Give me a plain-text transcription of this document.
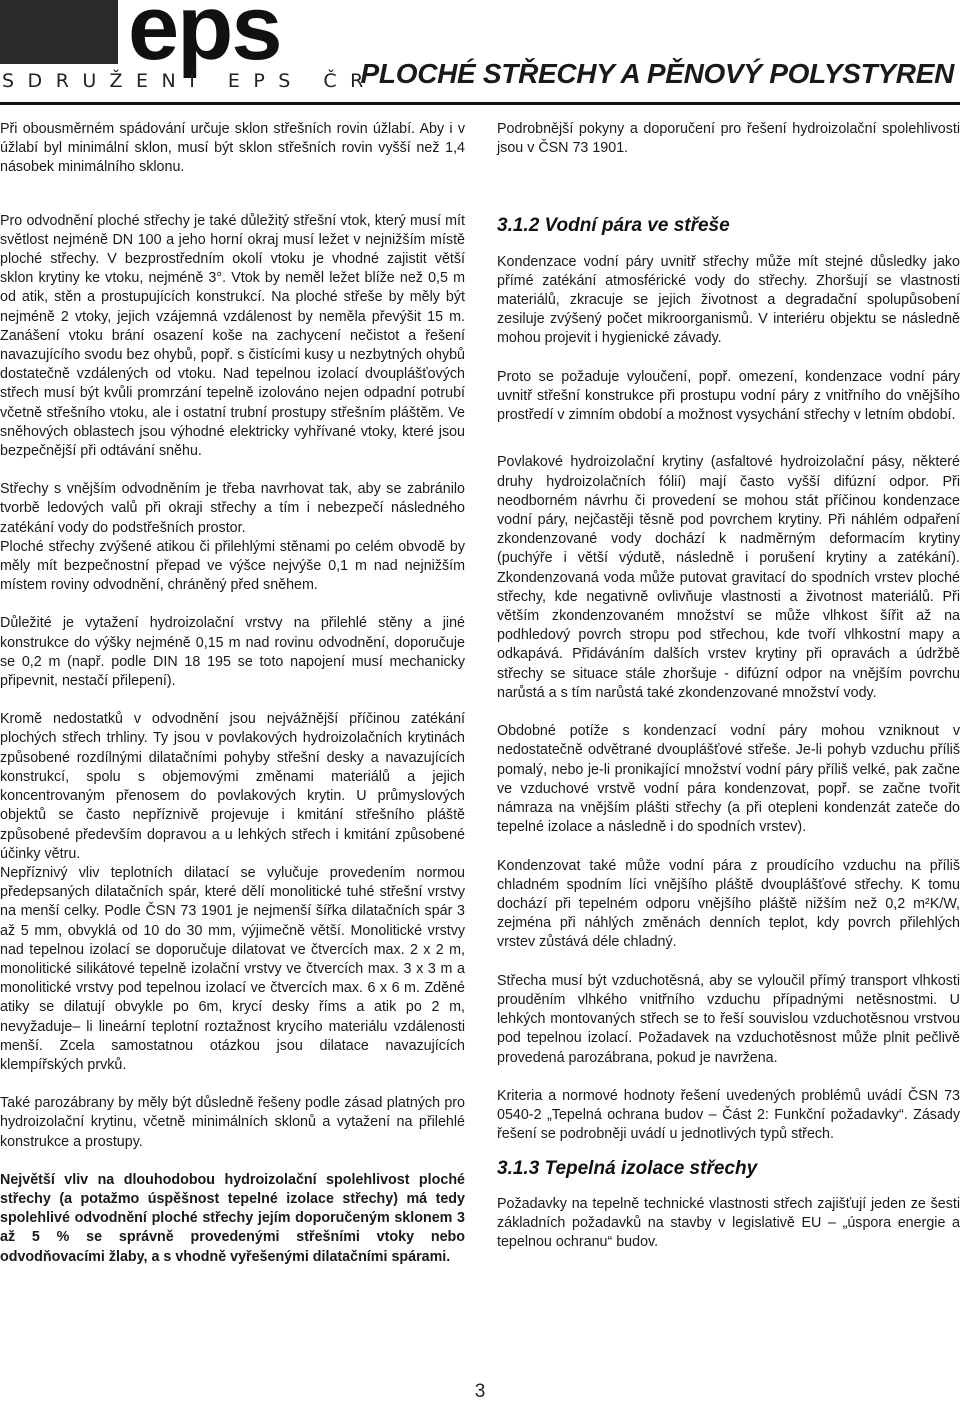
eps
SDRUŽENÍ EPS ČR
PLOCHÉ STŘECHY A PĚNOVÝ POLYSTYREN

Při obousměrném spádování určuje sklon střešních rovin úžlabí. Aby i v úžlabí byl minimální sklon, musí být sklon střešních rovin vyšší než 1,4 násobek minimálního sklonu.

Pro odvodnění ploché střechy je také důležitý střešní vtok, který musí mít světlost nejméně DN 100 a jeho horní okraj musí ležet v nejnižším místě ploché střechy. V bezprostředním okolí vtoku je vhodné zajistit větší sklon krytiny ke vtoku, nejméně 3°. Vtok by neměl ležet blíže než 0,5 m od atik, stěn a prostupujících konstrukcí. Na ploché střeše by měly být nejméně 2 vtoky, jejich vzájemná vzdálenost by neměla převýšit 15 m. Zanášení vtoku brání osazení koše na zachycení nečistot a řešení navazujícího svodu bez ohybů, popř. s čistícími kusy u nezbytných ohybů dostatečně vzdálených od vtoku. Nad tepelnou izolací dvouplášťových střech musí být kvůli promrzání tepelně izolováno nejen odpadní potrubí včetně střešního vtoku, ale i ostatní trubní prostupy střešním pláštěm. Ve sněhových oblastech jsou výhodné elektricky vyhřívané vtoky, které jsou bezpečnější při odtávání sněhu.

Střechy s vnějším odvodněním je třeba navrhovat tak, aby se zabránilo tvorbě ledových valů při okraji střechy a tím i nebezpečí následného zatékání vody do podstřešních prostor.

Ploché střechy zvýšené atikou či přilehlými stěnami po celém obvodě by měly mít bezpečnostní přepad ve výšce nejvýše 0,1 m nad nejnižším místem roviny odvodnění, chráněný před sněhem.

Důležité je vytažení hydroizolační vrstvy na přilehlé stěny a jiné konstrukce do výšky nejméně 0,15 m nad rovinu odvodnění, doporučuje se 0,2 m (např. podle DIN 18 195 se toto napojení musí mechanicky připevnit, nestačí přilepení).

Kromě nedostatků v odvodnění jsou nejvážnější příčinou zatékání plochých střech trhliny. Ty jsou v povlakových hydroizolačních krytinách způsobené rozdílnými dilatačními pohyby střešní desky a navazujících konstrukcí, spolu s objemovými změnami materiálů a jejich koncentrovaným přenosem do povlakových krytin. U průmyslových objektů se často nepříznivě projevuje i kmitání střešního pláště způsobené především dopravou a u lehkých střech i kmitání způsobené účinky větru.

Nepříznivý vliv teplotních dilatací se vylučuje provedením normou předepsaných dilatačních spár, které dělí monolitické tuhé střešní vrstvy na menší celky. Podle ČSN 73 1901 je nejmenší šířka dilatačních spár 3 až 5 mm, obvyklá od 10 do 30 mm, výjimečně větší. Monolitické vrstvy nad tepelnou izolací se doporučuje dilatovat ve čtvercích max. 2 x 2 m, monolitické silikátové tepelně izolační vrstvy ve čtvercích max. 3 x 3 m a monolitické vrstvy pod tepelnou izolací ve čtvercích max. 6 x 6 m. Zděné atiky se dilatují obvykle po 6m, krycí desky říms a atik po 2 m, nevyžaduje– li lineární teplotní roztažnost krycího materiálu vzdálenosti menší. Zcela samostatnou otázkou jsou dilatace navazujících klempířských prvků.

Také parozábrany by měly být důsledně řešeny podle zásad platných pro hydroizolační krytinu, včetně minimálních sklonů a vytažení na přilehlé konstrukce a prostupy.

Největší vliv na dlouhodobou hydroizolační spolehlivost ploché střechy (a potažmo úspěšnost tepelné izolace střechy) má tedy spolehlivé odvodnění ploché střechy jejím doporučeným sklonem 3 až 5 % se správně provedenými střešními vtoky nebo odvodňovacími žlaby, a s vhodně vyřešenými dilatačními spárami.

Podrobnější pokyny a doporučení pro řešení hydroizolační spolehlivosti jsou v ČSN 73 1901.

3.1.2 Vodní pára ve střeše

Kondenzace vodní páry uvnitř střechy může mít stejné důsledky jako přímé zatékání atmosférické vody do střechy. Zhoršují se vlastnosti materiálů, zkracuje se jejich životnost a degradační spolupůsobení zesiluje zvýšený počet mikroorganismů. V interiéru objektu se následně mohou projevit i hygienické závady.

Proto se požaduje vyloučení, popř. omezení, kondenzace vodní páry uvnitř střešní konstrukce při prostupu vodní páry z vnitřního do vnějšího prostředí v zimním období a možnost vysychání střechy v letním období.

Povlakové hydroizolační krytiny (asfaltové hydroizolační pásy, některé druhy hydroizolačních fólií) mají často vyšší difúzní odpor. Při neodborném návrhu či provedení se mohou stát příčinou kondenzace vodní páry, nejčastěji těsně pod povrchem krytiny. Při náhlém odpaření zkondenzované vody dochází k nadměrným deformacím krytiny (puchýře i větší výdutě, následně i porušení krytiny a zatékání). Zkondenzovaná voda může putovat gravitací do spodních vrstev ploché střechy, kde negativně ovlivňuje vlastnosti a životnost materiálů. Při větším zkondenzovaném množství se může vlhkost šířit až na podhledový povrch stropu pod střechou, kde tvoří vlhkostní mapy a odkapává. Přidáváním dalších vrstev krytiny při opravách a údržbě střechy se situace stále zhoršuje - difúzní odpor na vnějším povrchu narůstá a s tím narůstá také zkondenzované množství vody.

Obdobné potíže s kondenzací vodní páry mohou vzniknout v nedostatečně odvětrané dvouplášťové střeše. Je-li pohyb vzduchu příliš pomalý, nebo je-li pronikající množství vodní páry příliš velké, pak začne ve vzduchové vrstvě vodní pára kondenzovat, popř. se začne tvořit námraza na vnějším plášti střechy (a při otepleni kondenzát zateče do tepelné izolace a následně i do spodních vrstev).

Kondenzovat také může vodní pára z proudícího vzduchu na příliš chladném spodním líci vnějšího pláště dvouplášťové střechy. K tomu dochází při tepelném odporu vnějšího pláště nižším než 0,2 m²K/W, zejména při náhlých změnách denních teplot, kdy povrch přilehlých vrstev zůstává déle chladný.

Střecha musí být vzduchotěsná, aby se vyloučil přímý transport vlhkosti prouděním vlhkého vnitřního vzduchu případnými netěsnostmi. U lehkých montovaných střech se to řeší souvislou vzduchotěsnou vrstvou pod tepelnou izolací. Požadavek na vzduchotěsnost může plnit pečlivě provedená parozábrana, pokud je navržena.

Kriteria a normové hodnoty řešení uvedených problémů uvádí ČSN 73 0540-2 „Tepelná ochrana budov – Část 2: Funkční požadavky“. Zásady řešení se podrobněji uvádí u jednotlivých typů střech.

3.1.3 Tepelná izolace střechy

Požadavky na tepelně technické vlastnosti střech zajišťují jeden ze šesti základních požadavků na stavby v legislativě EU – „úspora energie a tepelnou ochranu“ budov.

3
